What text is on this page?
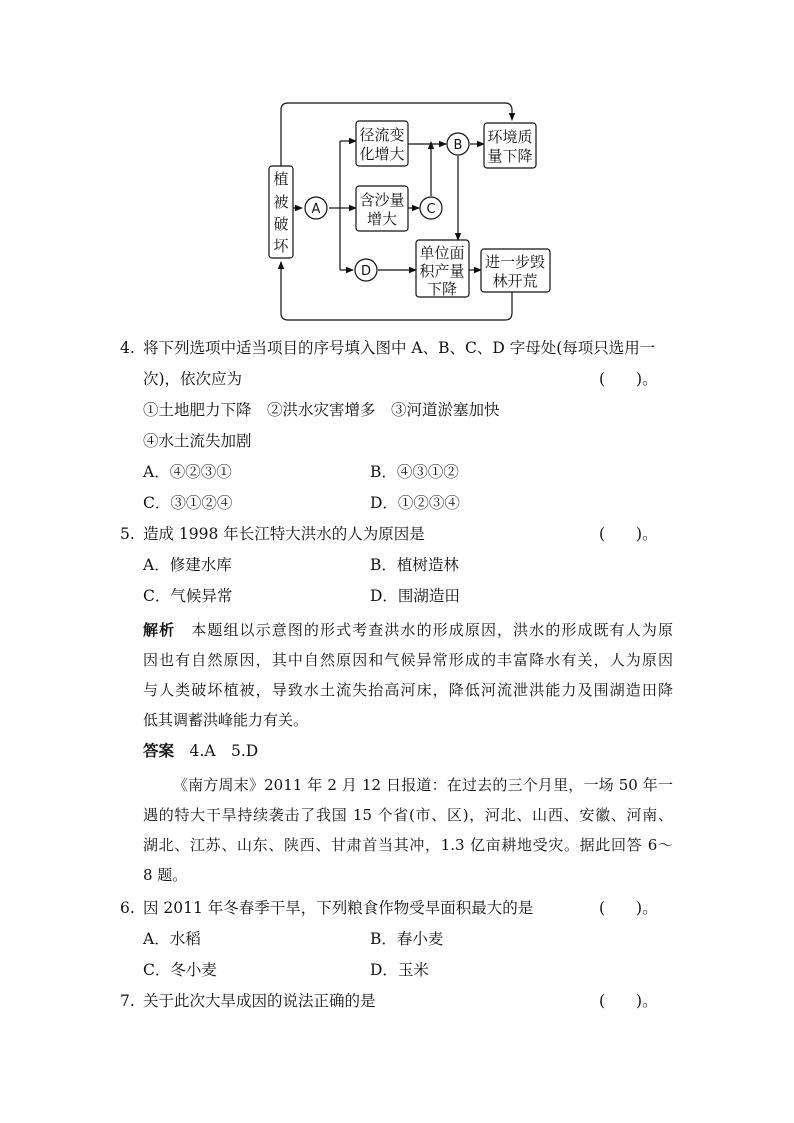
植
被
破
坏
径流变
化增大
含沙量
增大
单位面
积产量
下降
环境质
量下降
进一步毁
林开荒
A
B
C
D
4. 将下列选项中适当项目的序号填入图中 A、B、C、D 字母处(每项只选用一
次)，依次应为	(　　)。
①土地肥力下降　②洪水灾害增多　③河道淤塞加快
④水土流失加剧
A．④②③①	B．④③①②
C．③①②④	D．①②③④
5. 造成 1998 年长江特大洪水的人为原因是	(　　)。
A．修建水库	B．植树造林
C．气候异常	D．围湖造田
解析　 本题组以示意图的形式考查洪水的形成原因，洪水的形成既有人为原
因也有自然原因，其中自然原因和气候异常形成的丰富降水有关，人为原因
与人类破坏植被，导致水土流失抬高河床，降低河流泄洪能力及围湖造田降
低其调蓄洪峰能力有关。
答案　 4.A　5.D
《南方周末》2011 年 2 月 12 日报道：在过去的三个月里，一场 50 年一
遇的特大干旱持续袭击了我国 15 个省(市、区)，河北、山西、安徽、河南、
湖北、江苏、山东、陕西、甘肃首当其冲，1.3 亿亩耕地受灾。据此回答 6～
8 题。
6. 因 2011 年冬春季干旱，下列粮食作物受旱面积最大的是	(　　)。
A．水稻	B．春小麦
C．冬小麦	D．玉米
7. 关于此次大旱成因的说法正确的是	(　　)。
